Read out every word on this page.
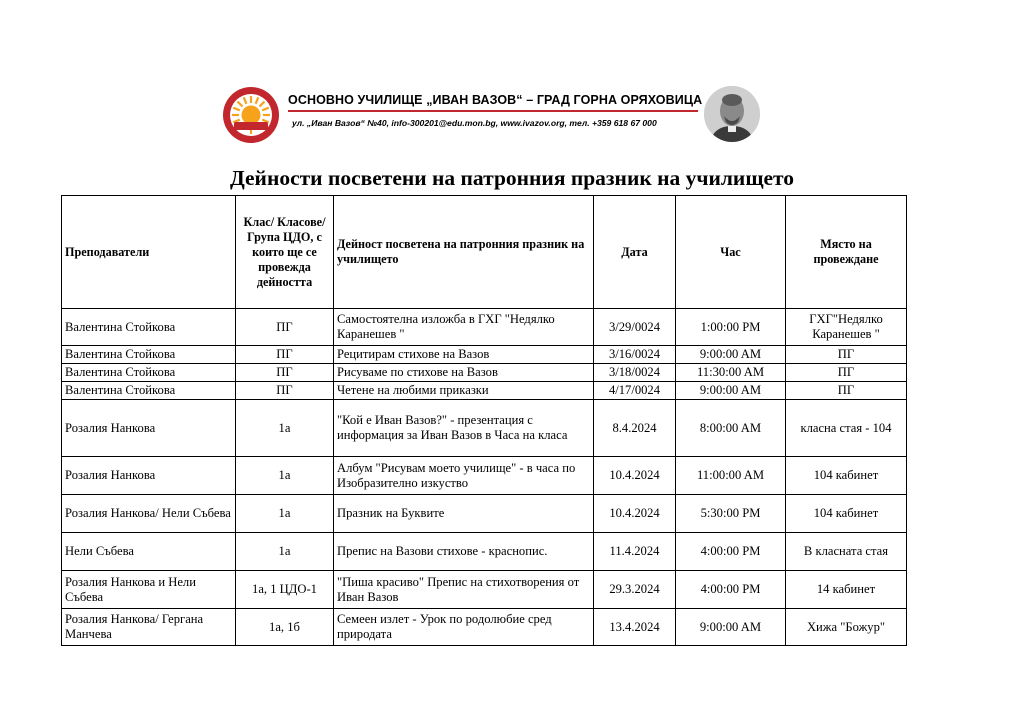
ОСНОВНО УЧИЛИЩЕ „ИВАН ВАЗОВ“ – ГРАД ГОРНА ОРЯХОВИЦА
ул. „Иван Вазов“ №40, info-300201@edu.mon.bg, www.ivazov.org, тел. +359 618 67 000
Дейности посветени на патронния празник на училището
Преподаватели	Клас/ Класове/ Група ЦДО, с които ще се провежда дейността	Дейност посветена на патронния празник на училището	Дата	Час	Място на провеждане
Валентина Стойкова	ПГ	Самостоятелна изложба в ГХГ "Недялко Каранешев "	3/29/0024	1:00:00 PM	ГХГ"Недялко Каранешев "
Валентина Стойкова	ПГ	Рецитирам стихове на Вазов	3/16/0024	9:00:00 AM	ПГ
Валентина Стойкова	ПГ	Рисуваме по стихове на Вазов	3/18/0024	11:30:00 AM	ПГ
Валентина Стойкова	ПГ	Четене на любими приказки	4/17/0024	9:00:00 AM	ПГ
Розалия Нанкова	1а	"Кой е Иван Вазов?" - презентация с информация за Иван Вазов в Часа на класа	8.4.2024	8:00:00 AM	класна стая - 104
Розалия Нанкова	1а	Албум "Рисувам моето училище" - в часа по Изобразително изкуство	10.4.2024	11:00:00 AM	104 кабинет
Розалия Нанкова/ Нели Събева	1а	Празник на Буквите	10.4.2024	5:30:00 PM	104 кабинет
Нели Събева	1а	Препис на Вазови стихове - краснопис.	11.4.2024	4:00:00 PM	В класната стая
Розалия Нанкова и Нели Събева	1а, 1 ЦДО-1	"Пиша красиво" Препис на стихотворения от Иван Вазов	29.3.2024	4:00:00 PM	14 кабинет
Розалия Нанкова/ Гергана Манчева	1а, 1б	Семеен излет - Урок по родолюбие сред природата	13.4.2024	9:00:00 AM	Хижа "Божур"
